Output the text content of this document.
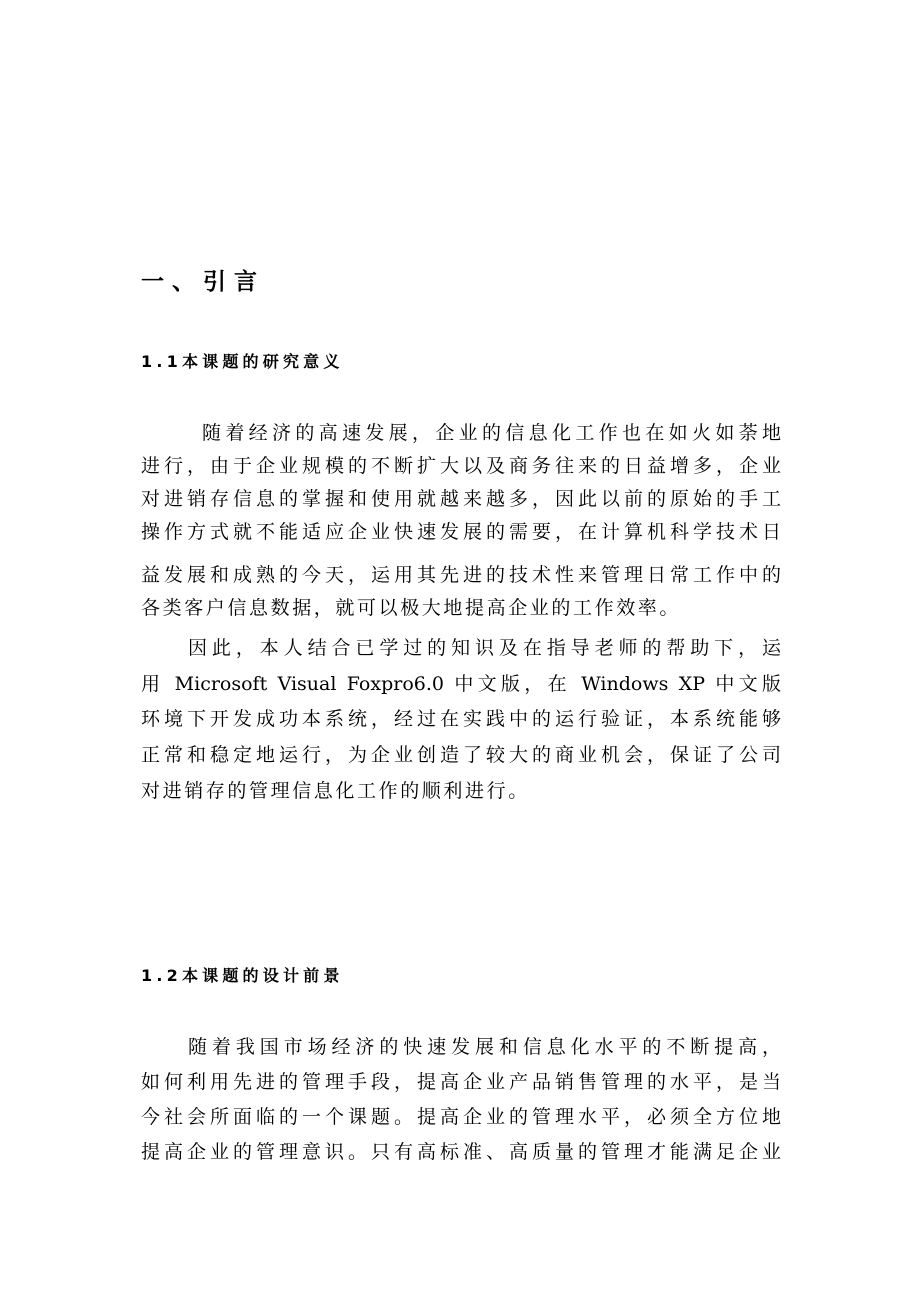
一、引言
1.1本课题的研究意义
随着经济的高速发展，企业的信息化工作也在如火如荼地
进行，由于企业规模的不断扩大以及商务往来的日益增多，企业
对进销存信息的掌握和使用就越来越多，因此以前的原始的手工
操作方式就不能适应企业快速发展的需要，在计算机科学技术日
益发展和成熟的今天，运用其先进的技术性来管理日常工作中的
各类客户信息数据，就可以极大地提高企业的工作效率。
因此，本人结合已学过的知识及在指导老师的帮助下，运
用 Microsoft Visual Foxpro6.0 中文版，在 Windows XP 中文版
环境下开发成功本系统，经过在实践中的运行验证，本系统能够
正常和稳定地运行，为企业创造了较大的商业机会，保证了公司
对进销存的管理信息化工作的顺利进行。
1.2本课题的设计前景
随着我国市场经济的快速发展和信息化水平的不断提高，
如何利用先进的管理手段，提高企业产品销售管理的水平，是当
今社会所面临的一个课题。提高企业的管理水平，必须全方位地
提高企业的管理意识。只有高标准、高质量的管理才能满足企业
